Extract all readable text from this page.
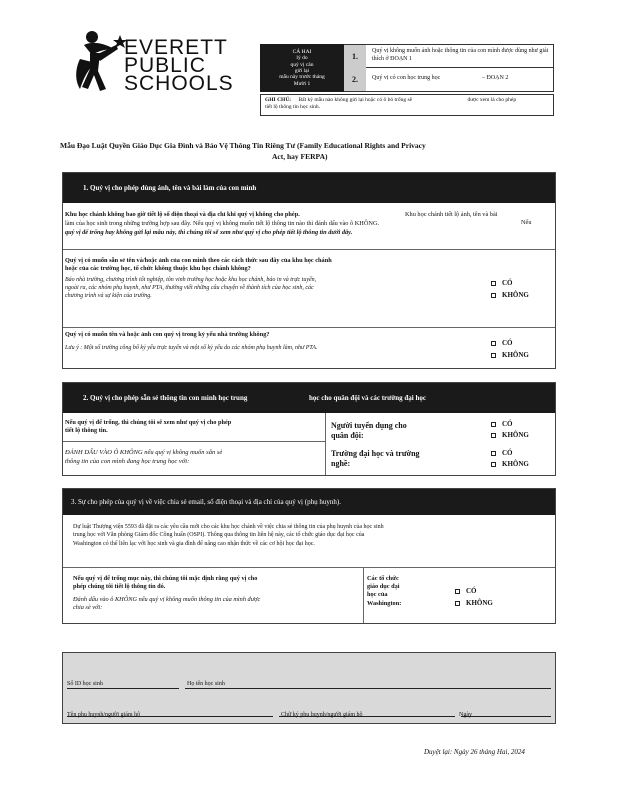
EVERETT
PUBLIC
SCHOOLS
CÁ HAI
lý do
quý vị cân
gửi lại
mẫu này trước tháng
Mười 1
1.
Quý vị không muốn ảnh hoặc thông tin của con mình được dùng như giải thích ở ĐOẠN 1
2.	Quý vị có con học trung học	– ĐOẠN 2
GHI CHÚ: Bất kỳ mẫu nào không gửi lại hoặc có ô bỏ trống sẽ	được xem là cho phép
tiết lộ thông tin học sinh.
Mẫu Đạo Luật Quyền Giáo Dục Gia Đình và Bảo Vệ Thông Tin Riêng Tư (Family Educational Rights and Privacy
Act, hay FERPA)
1. Quý vị cho phép dùng ảnh, tên và bài làm của con mình
Khu học chánh không bao giờ tiết lộ số điện thoại và địa chỉ khi quý vị không cho phép.	Khu học chánh tiết lộ ảnh, tên và bài
làm của học sinh trong những trường hợp sau đây. Nếu quý vị không muốn tiết lộ thông tin nào thì đánh dấu vào ô KHÔNG.	Nếu
quý vị để trống hay không gửi lại mẫu này, thì chúng tôi sẽ xem như quý vị cho phép tiết lộ thông tin dưới đây.
Quý vị có muốn sẵn sẻ tên và/hoặc ảnh của con mình theo các cách thức sau đây của khu học chánh
hoặc của các trường học, tổ chức không thuộc khu học chánh không?
Báo nhà trường, chương trình tốt nghiệp, tôn vinh trường học hoặc khu học chánh, báo in và trực tuyến,
ngoài ra, các nhóm phụ huynh, như PTA, thường viết những câu chuyện về thành tích của học sinh, các
chương trình và sự kiện của trường.
CÓ
KHÔNG
Quý vị có muốn tên và hoặc ảnh con quý vị trong kỷ yếu nhà trường không?
Lưu ý : Một số trường công bố kỷ yếu trực tuyến và một số kỷ yếu do các nhóm phụ huynh làm, như PTA.
CÓ
KHÔNG
2. Quý vị cho phép sẵn sẻ thông tin con mình học trung	học cho quân đội và các trường đại học
Nếu quý vị để trống, thì chúng tôi sẽ xem như quý vị cho phép
tiết lộ thông tin.
ĐÁNH DẤU VÀO Ô KHÔNG nếu quý vị không muốn sẵn sẻ
thông tin của con mình đang học trung học với:
Người tuyển dụng cho
quân đội:
CÓ
KHÔNG
Trường đại học và trường
nghề:
CÓ
KHÔNG
3. Sự cho phép của quý vị về việc chia sẻ email, số điện thoại và địa chỉ của quý vị (phụ huynh).
Dự luật Thượng viện 5593 đã đặt ra các yêu cầu mới cho các khu học chánh về việc chia sẻ thông tin của phụ huynh của học sinh
trung học với Văn phòng Giám đốc Công huấn (OSPI). Thông qua thông tin liên hệ này, các tổ chức giáo dục đại học của
Washington có thể liên lạc với học sinh và gia đình để nâng cao nhận thức về các cơ hội học đại học.
Nếu quý vị để trống mục này, thì chúng tôi mặc định rằng quý vị cho
phép chúng tôi tiết lộ thông tin đó.
Đánh dấu vào ô KHÔNG nếu quý vị không muốn thông tin của mình được
chia sẻ với:
Các tổ chức
giáo dục đại
học của
Washington:
CÓ
KHÔNG
Số ID học sinh	Họ tên học sinh
Tên phụ huynh/người giám hộ	Chữ ký phụ huynh/người giám hộ	Ngày
Duyệt lại: Ngày 26 tháng Hai, 2024
